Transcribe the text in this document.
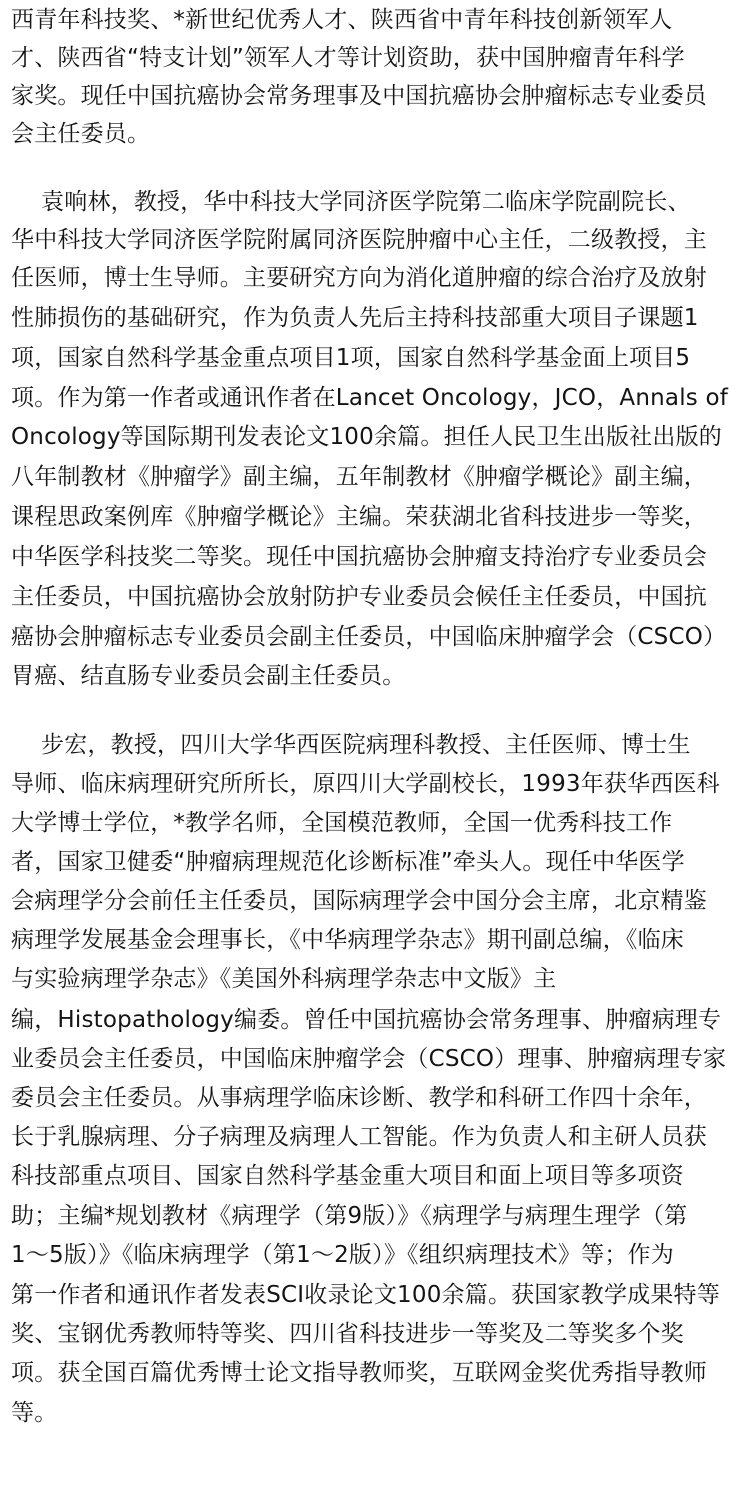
西青年科技奖、*新世纪优秀人才、陕西省中青年科技创新领军人
才、陕西省“特支计划”领军人才等计划资助，获中国肿瘤青年科学
家奖。现任中国抗癌协会常务理事及中国抗癌协会肿瘤标志专业委员
会主任委员。
袁响林，教授，华中科技大学同济医学院第二临床学院副院长、
华中科技大学同济医学院附属同济医院肿瘤中心主任，二级教授，主
任医师，博士生导师。主要研究方向为消化道肿瘤的综合治疗及放射
性肺损伤的基础研究，作为负责人先后主持科技部重大项目子课题1
项，国家自然科学基金重点项目1项，国家自然科学基金面上项目5
项。作为第一作者或通讯作者在Lancet Oncology，JCO，Annals of
Oncology等国际期刊发表论文100余篇。担任人民卫生出版社出版的
八年制教材《肿瘤学》副主编，五年制教材《肿瘤学概论》副主编，
课程思政案例库《肿瘤学概论》主编。荣获湖北省科技进步一等奖，
中华医学科技奖二等奖。现任中国抗癌协会肿瘤支持治疗专业委员会
主任委员，中国抗癌协会放射防护专业委员会候任主任委员，中国抗
癌协会肿瘤标志专业委员会副主任委员，中国临床肿瘤学会（CSCO）
胃癌、结直肠专业委员会副主任委员。
步宏，教授，四川大学华西医院病理科教授、主任医师、博士生
导师、临床病理研究所所长，原四川大学副校长，1993年获华西医科
大学博士学位，*教学名师，全国模范教师，全国一优秀科技工作
者，国家卫健委“肿瘤病理规范化诊断标准”牵头人。现任中华医学
会病理学分会前任主任委员，国际病理学会中国分会主席，北京精鉴
病理学发展基金会理事长，《中华病理学杂志》期刊副总编，《临床
与实验病理学杂志》《美国外科病理学杂志中文版》主
编，Histopathology编委。曾任中国抗癌协会常务理事、肿瘤病理专
业委员会主任委员，中国临床肿瘤学会（CSCO）理事、肿瘤病理专家
委员会主任委员。从事病理学临床诊断、教学和科研工作四十余年，
长于乳腺病理、分子病理及病理人工智能。作为负责人和主研人员获
科技部重点项目、国家自然科学基金重大项目和面上项目等多项资
助；主编*规划教材《病理学（第9版）》《病理学与病理生理学（第
1～5版）》《临床病理学（第1～2版）》《组织病理技术》等；作为
第一作者和通讯作者发表SCI收录论文100余篇。获国家教学成果特等
奖、宝钢优秀教师特等奖、四川省科技进步一等奖及二等奖多个奖
项。获全国百篇优秀博士论文指导教师奖，互联网金奖优秀指导教师
等。
